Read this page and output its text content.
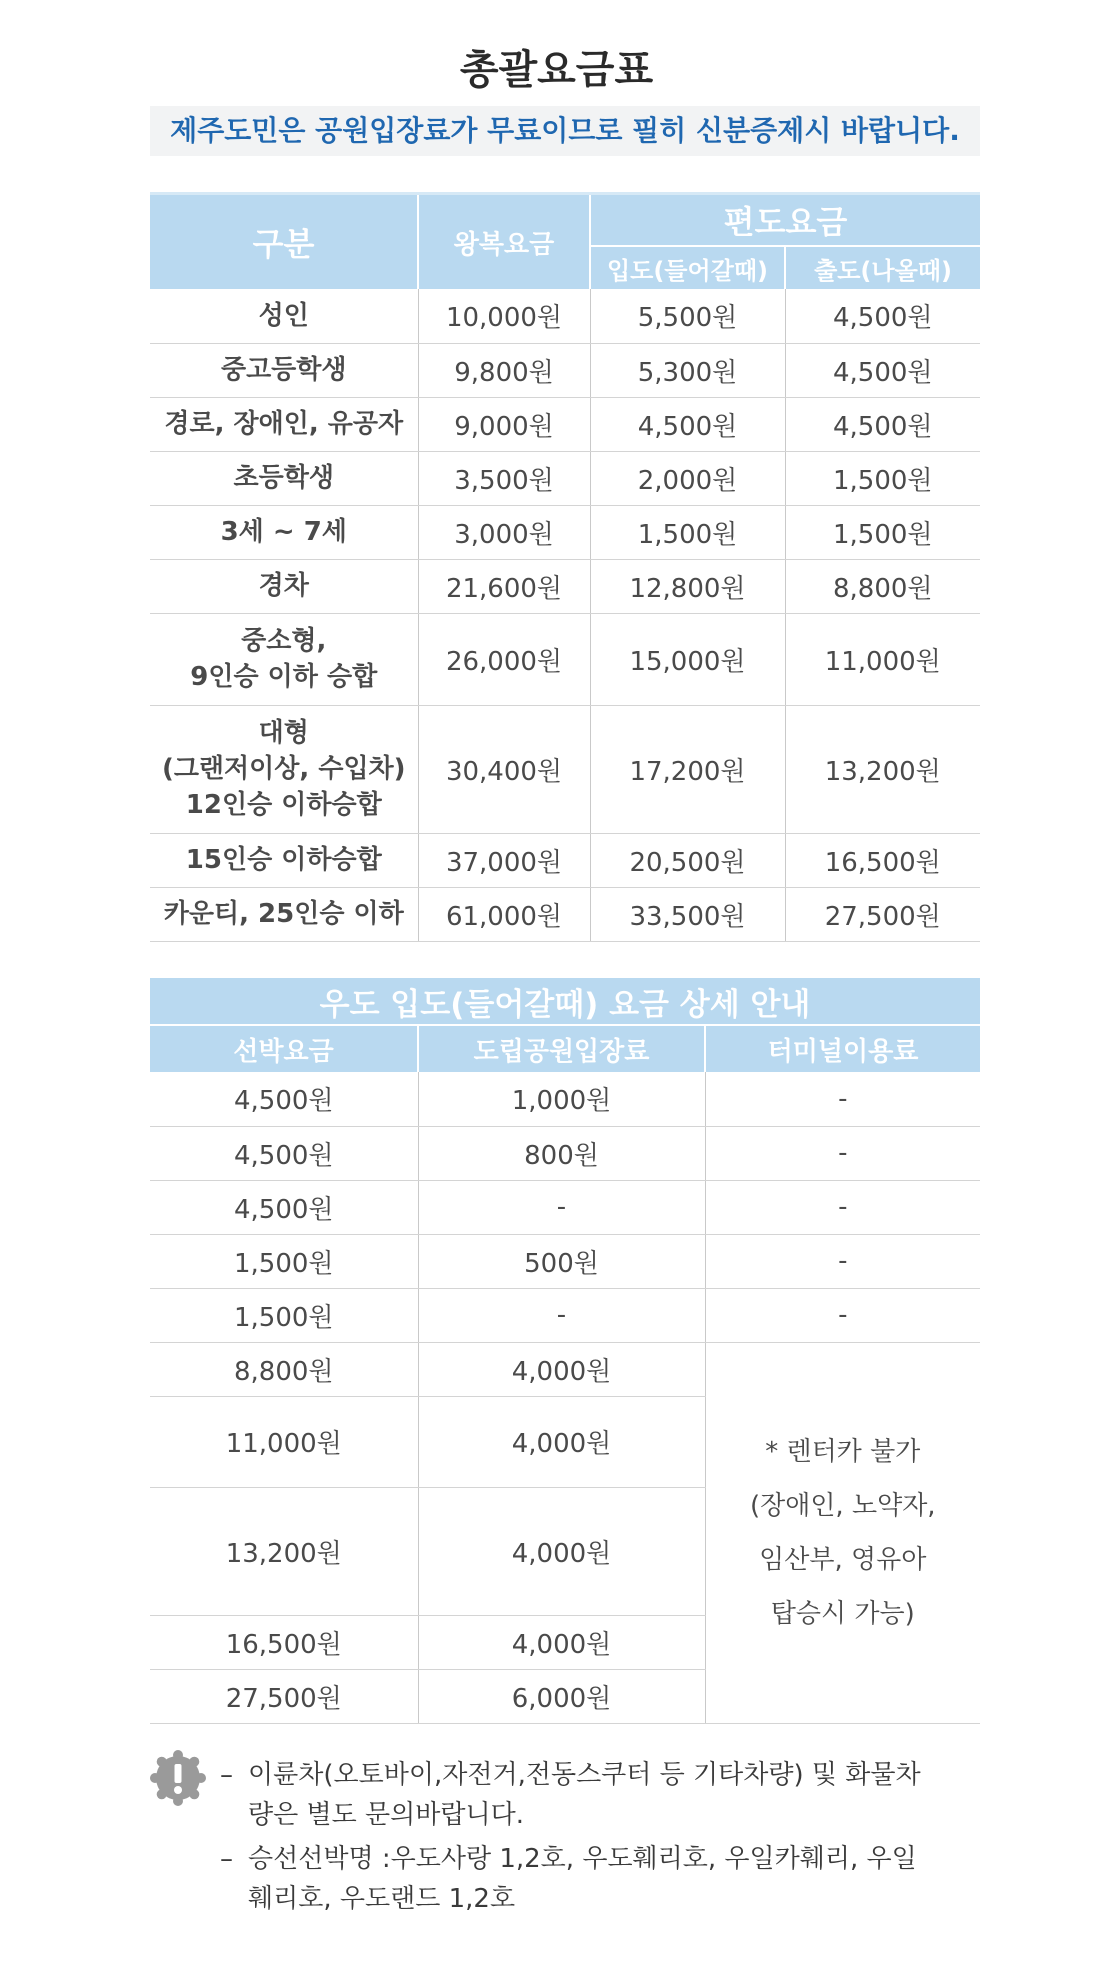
총괄요금표
제주도민은 공원입장료가 무료이므로 필히 신분증제시 바랍니다.
구분	왕복요금	편도요금	
		입도(들어갈때)	출도(나올때)

성인	10,000원	5,500원	4,500원

중고등학생	9,800원	5,300원	4,500원

경로, 장애인, 유공자	9,000원	4,500원	4,500원

초등학생	3,500원	2,000원	1,500원

3세 ~ 7세	3,000원	1,500원	1,500원

경차	21,600원	12,800원	8,800원

중소형,
9인승 이하 승합	26,000원	15,000원	11,000원

대형
(그랜저이상, 수입차)
12인승 이하승합	30,400원	17,200원	13,200원

15인승 이하승합	37,000원	20,500원	16,500원

카운티, 25인승 이하	61,000원	33,500원	27,500원
우도 입도(들어갈때) 요금 상세 안내		
선박요금	도립공원입장료	터미널이용료
4,500원	1,000원	-
4,500원	800원	-
4,500원	-	-
1,500원	500원	-
1,500원	-	-
8,800원	4,000원	* 렌터카 불가
(장애인, 노약자,
임산부, 영유아
탑승시 가능)

11,000원	4,000원	
13,200원	4,000원	
16,500원	4,000원	
27,500원	6,000원	

– 이륜차(오토바이,자전거,전동스쿠터 등 기타차량) 및 화물차

량은 별도 문의바랍니다.

– 승선선박명 :우도사랑 1,2호, 우도훼리호, 우일카훼리, 우일

훼리호, 우도랜드 1,2호
